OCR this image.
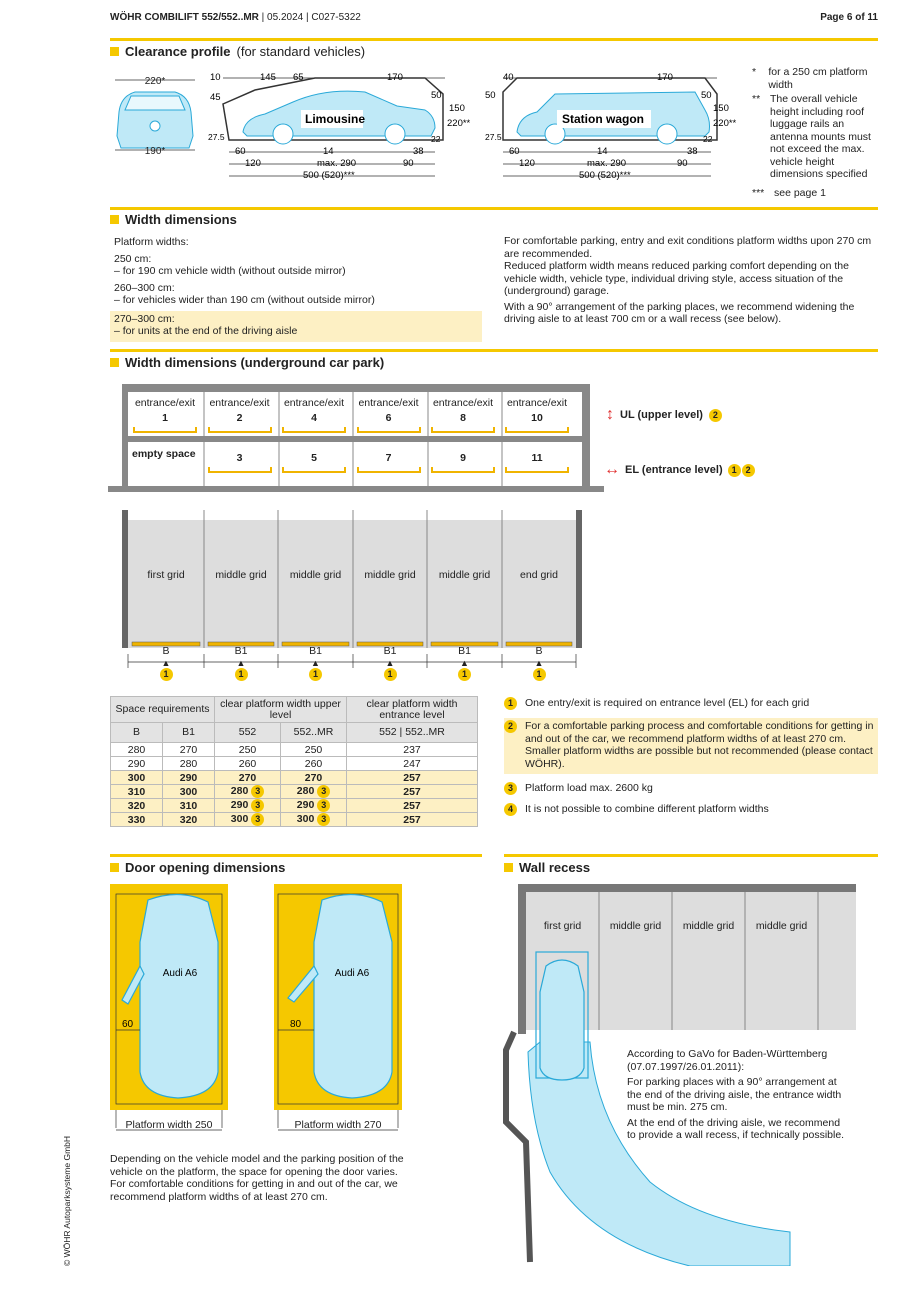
WÖHR COMBILIFT 552/552..MR | 05.2024 | C027-5322	Page 6 of 11
Clearance profile (for standard vehicles)
220*
190*
Limousine
10	145 65	170
45	50
150
220**
27.5	22
60	14	38
120	max. 290	90
500 (520)***
Station wagon
40	170
50	50
150
220**
27.5	22
60	14	38
120	max. 290	90
500 (520)***
*	for a 250 cm platform width
** The overall vehicle height including roof luggage rails an antenna mounts must not exceed the max. vehicle height dimensions specified
*** see page 1
Width dimensions
Platform widths:
250 cm:
– for 190 cm vehicle width (without outside mirror)
260–300 cm:
– for vehicles wider than 190 cm (without outside mirror)
270–300 cm:
– for units at the end of the driving aisle
For comfortable parking, entry and exit conditions platform widths upon 270 cm are recommended.
Reduced platform width means reduced parking comfort depending on the vehicle width, vehicle type, individual driving style, access situation of the (underground) garage.
With a 90° arrangement of the parking places, we recommend widening the driving aisle to at least 700 cm or a wall recess (see below).
Width dimensions (underground car park)
entrance/exit
1
empty space
entrance/exit
2
3
entrance/exit
4
5
entrance/exit
6
7
entrance/exit
8
9
entrance/exit
10
11
↕ UL (upper level)	2
↔ EL (entrance level) 1 2
first grid
B
▲
1
middle grid
B1
▲
1
middle grid
B1
▲
1
middle grid
B1
▲
1
middle grid
B1
▲
1
end grid
B
▲
1
Space requirements		clear platform width upper level		clear platform width entrance level
B	B1	552	552..MR	552 | 552..MR
280	270	250	250	237
290	280	260	260	247
300	290	270	270	257
310	300	280 3	280 3	257
320	310	290 3	290 3	257
330	320	300 3	300 3	257
1	One entry/exit is required on entrance level (EL) for each grid
2	For a comfortable parking process and comfortable conditions for getting in and out of the car, we recommend platform widths of at least 270 cm. Smaller platform widths are possible but not recommended (please contact WÖHR).
3	Platform load max. 2600 kg
4	It is not possible to combine different platform widths
Door opening dimensions
Audi A6
60
Audi A6
80
Platform width 250	Platform width 270
Depending on the vehicle model and the parking position of the vehicle on the platform, the space for opening the door varies. For comfortable conditions for getting in and out of the car, we recommend platform widths of at least 270 cm.
Wall recess
first grid	middle grid	middle grid	middle grid
According to GaVo for Baden-Württemberg (07.07.1997/26.01.2011):
For parking places with a 90° arrangement at the end of the driving aisle, the entrance width must be min. 275 cm.
At the end of the driving aisle, we recommend to provide a wall recess, if technically possible.
© WÖHR Autoparksysteme GmbH
